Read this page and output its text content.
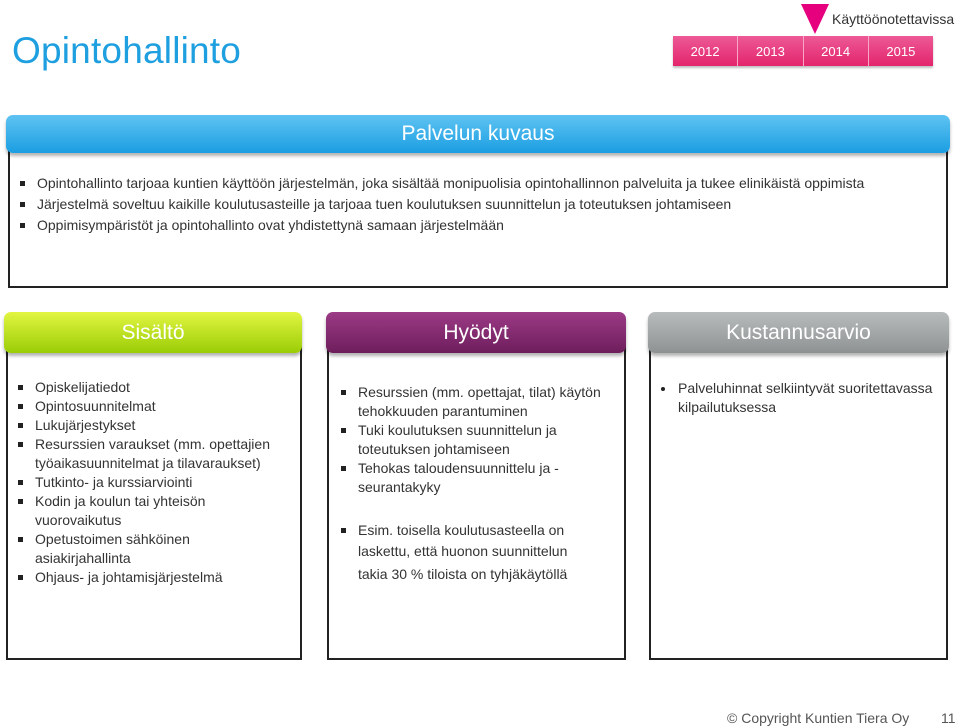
Opintohallinto
Käyttöönotettavissa
2012	2013	2014	2015
Palvelun kuvaus
Opintohallinto tarjoaa kuntien käyttöön järjestelmän, joka sisältää monipuolisia opintohallinnon palveluita ja tukee elinikäistä oppimista
Järjestelmä soveltuu kaikille koulutusasteille ja tarjoaa tuen koulutuksen suunnittelun ja toteutuksen johtamiseen
Oppimisympäristöt ja opintohallinto ovat yhdistettynä samaan järjestelmään
Sisältö
Opiskelijatiedot
Opintosuunnitelmat
Lukujärjestykset
Resurssien varaukset (mm. opettajien työaikasuunnitelmat ja tilavaraukset)
Tutkinto- ja kurssiarviointi
Kodin ja koulun tai yhteisön vuorovaikutus
Opetustoimen sähköinen asiakirjahallinta
Ohjaus- ja johtamisjärjestelmä
Hyödyt
Resurssien (mm. opettajat, tilat) käytön tehokkuuden parantuminen
Tuki koulutuksen suunnittelun ja toteutuksen johtamiseen
Tehokas taloudensuunnittelu ja - seurantakyky
Esim. toisella koulutusasteella on
laskettu, että huonon suunnittelun
takia 30 % tiloista on tyhjäkäytöllä
Kustannusarvio
Palveluhinnat selkiintyvät suoritettavassa kilpailutuksessa
© Copyright Kuntien Tiera Oy 11
